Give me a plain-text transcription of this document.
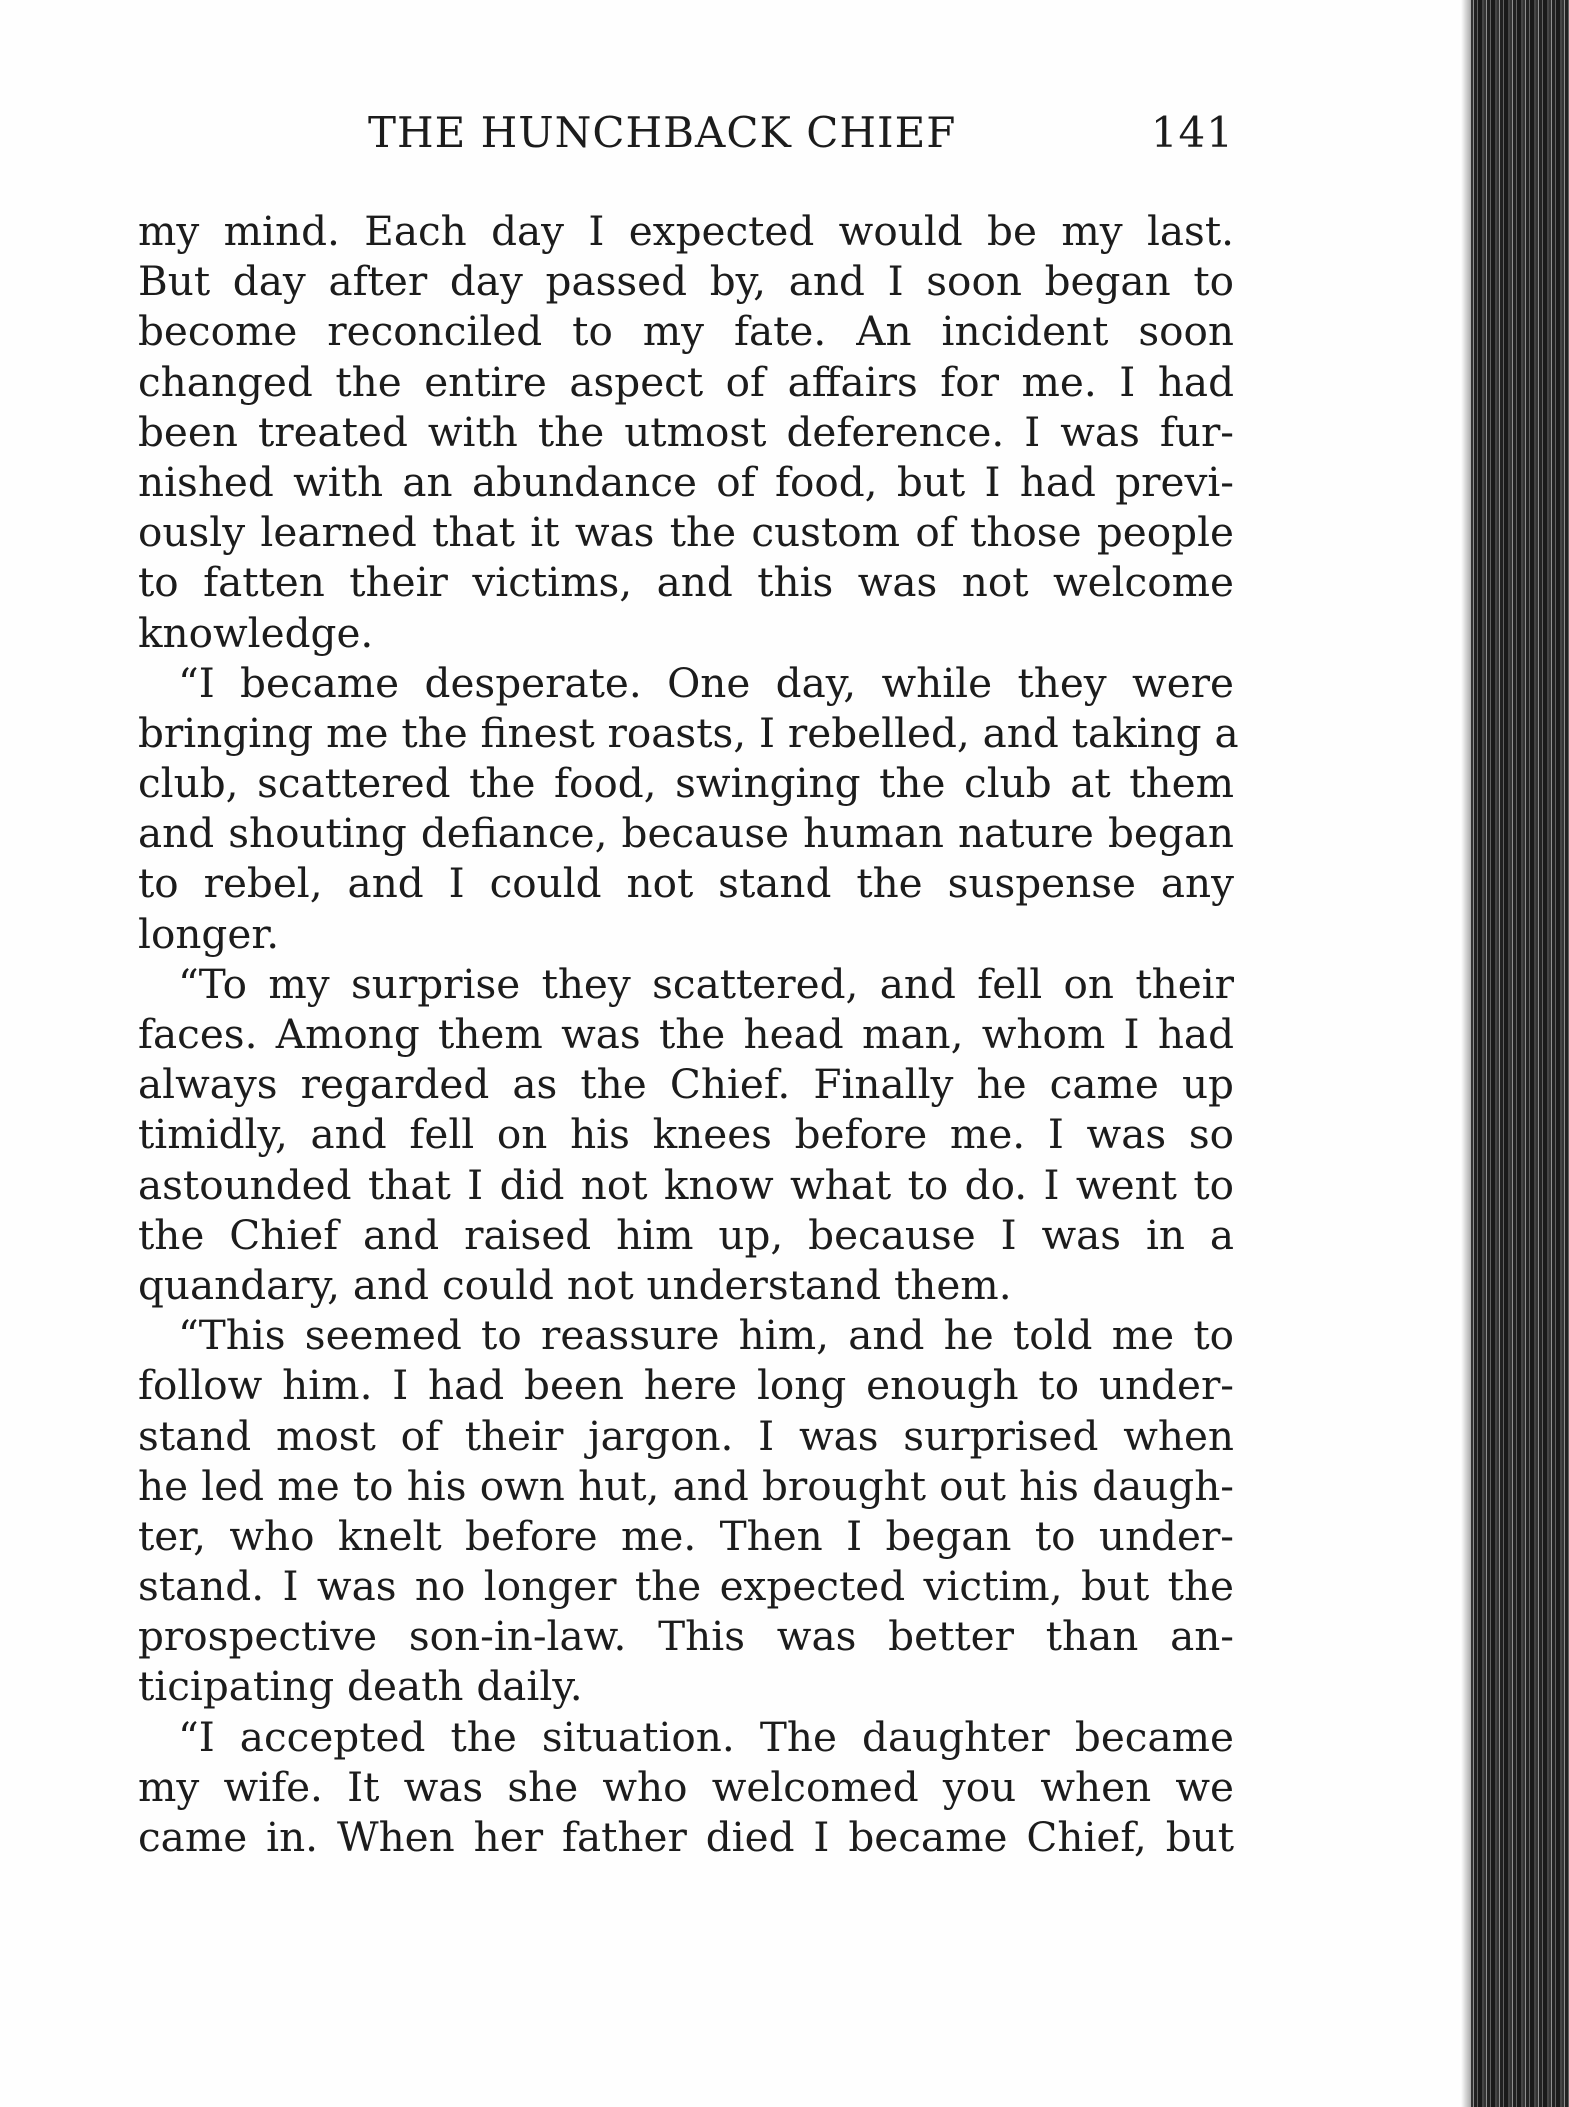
THE HUNCHBACK CHIEF	141
my mind. Each day I expected would be my last.
But day after day passed by, and I soon began to
become reconciled to my fate. An incident soon
changed the entire aspect of affairs for me. I had
been treated with the utmost deference. I was fur-
nished with an abundance of food, but I had previ-
ously learned that it was the custom of those people
to fatten their victims, and this was not welcome
knowledge.
“I became desperate. One day, while they were
bringing me the finest roasts, I rebelled, and taking a
club, scattered the food, swinging the club at them
and shouting defiance, because human nature began
to rebel, and I could not stand the suspense any
longer.
“To my surprise they scattered, and fell on their
faces. Among them was the head man, whom I had
always regarded as the Chief. Finally he came up
timidly, and fell on his knees before me. I was so
astounded that I did not know what to do. I went to
the Chief and raised him up, because I was in a
quandary, and could not understand them.
“This seemed to reassure him, and he told me to
follow him. I had been here long enough to under-
stand most of their jargon. I was surprised when
he led me to his own hut, and brought out his daugh-
ter, who knelt before me. Then I began to under-
stand. I was no longer the expected victim, but the
prospective son-in-law. This was better than an-
ticipating death daily.
“I accepted the situation. The daughter became
my wife. It was she who welcomed you when we
came in. When her father died I became Chief, but
